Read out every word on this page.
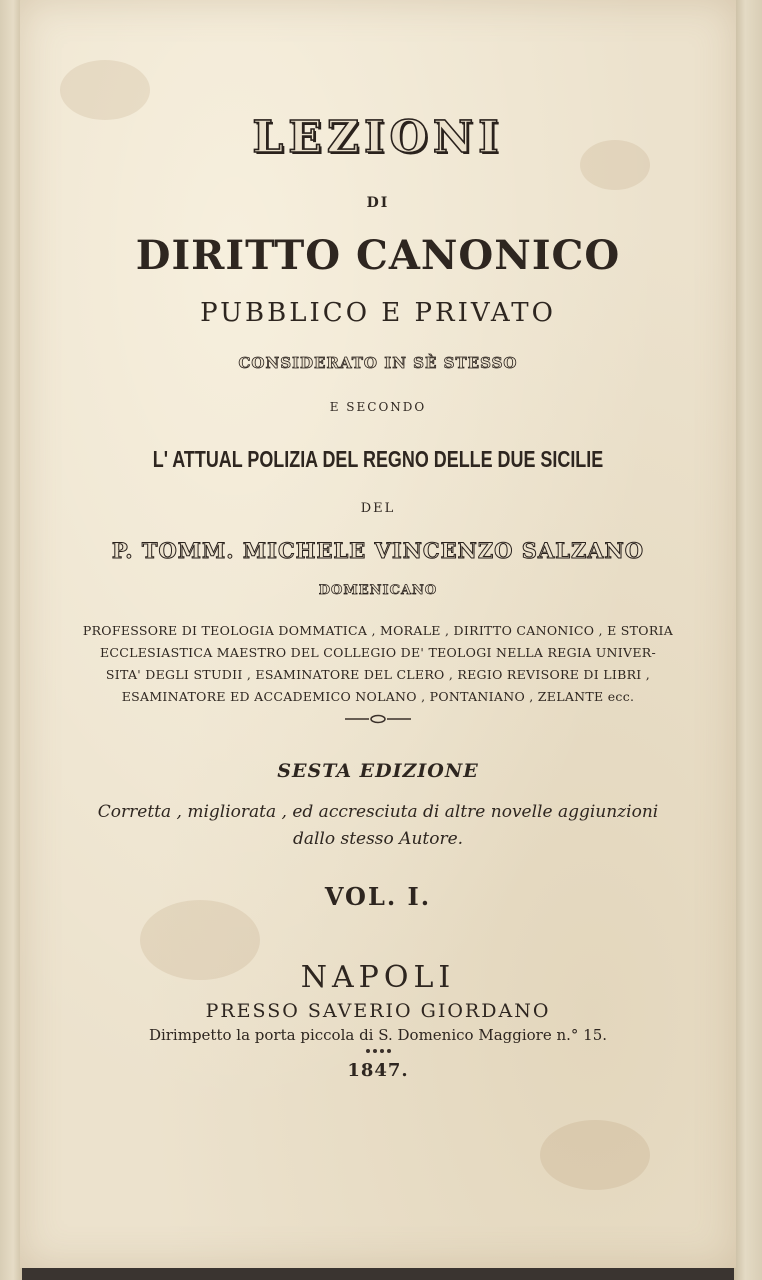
LEZIONI
DI
DIRITTO CANONICO
PUBBLICO E PRIVATO
CONSIDERATO IN SÈ STESSO
E SECONDO
L' ATTUAL POLIZIA DEL REGNO DELLE DUE SICILIE
DEL
P. TOMM. MICHELE VINCENZO SALZANO
DOMENICANO
PROFESSORE DI TEOLOGIA DOMMATICA , MORALE , DIRITTO CANONICO , E STORIA
ECCLESIASTICA MAESTRO DEL COLLEGIO DE' TEOLOGI NELLA REGIA UNIVER-
SITA' DEGLI STUDII , ESAMINATORE DEL CLERO , REGIO REVISORE DI LIBRI ,
ESAMINATORE ED ACCADEMICO NOLANO , PONTANIANO , ZELANTE ecc.
SESTA EDIZIONE
Corretta , migliorata , ed accresciuta di altre novelle aggiunzioni
dallo stesso Autore.
VOL. I.
NAPOLI
PRESSO SAVERIO GIORDANO
Dirimpetto la porta piccola di S. Domenico Maggiore n.° 15.
1847.
